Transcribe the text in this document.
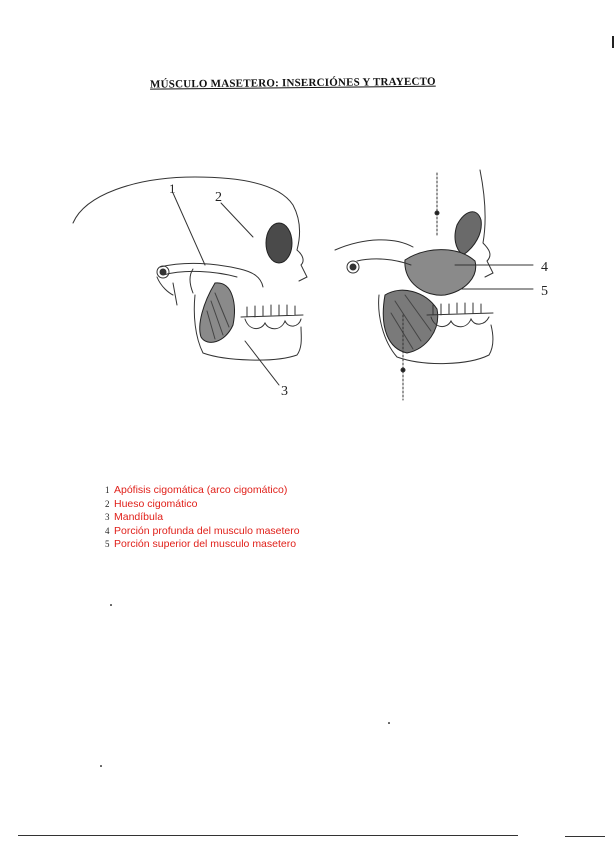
MÚSCULO MASETERO: INSERCIÓNES Y TRAYECTO
1
2
3
4
5
1 Apófisis cigomática (arco cigomático)
2 Hueso cigomático
3 Mandíbula
4 Porción profunda del musculo masetero
5 Porción superior del musculo masetero
